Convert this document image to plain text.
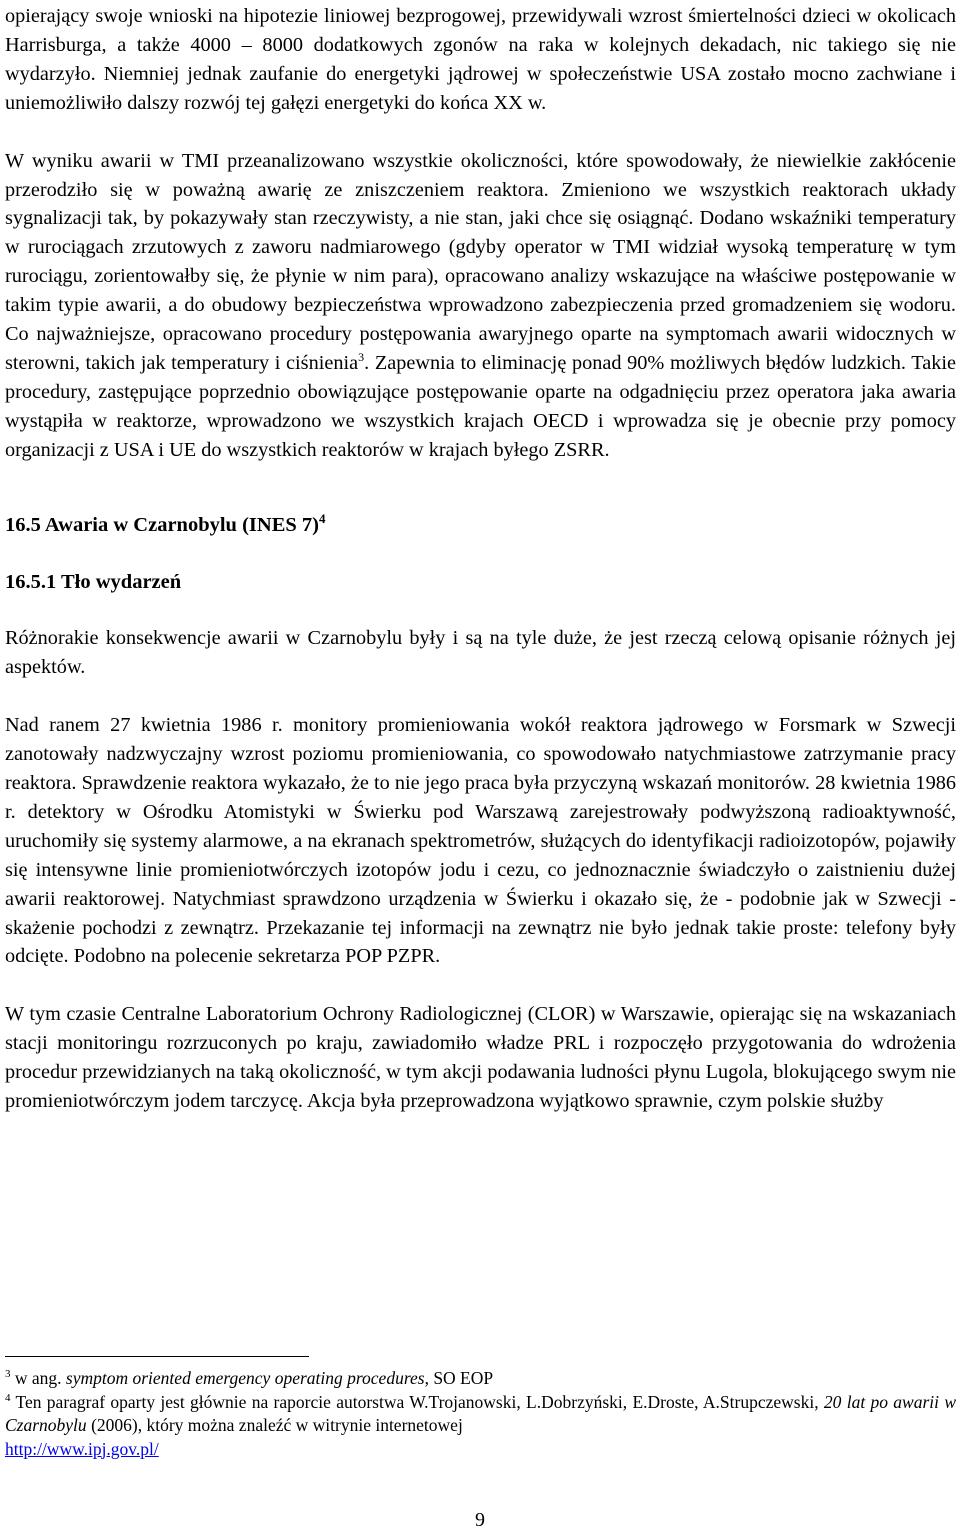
opierający swoje wnioski na hipotezie liniowej bezprogowej, przewidywali wzrost śmiertelności dzieci w okolicach Harrisburga, a także 4000 – 8000 dodatkowych zgonów na raka w kolejnych dekadach, nic takiego się nie wydarzyło. Niemniej jednak zaufanie do energetyki jądrowej w społeczeństwie USA zostało mocno zachwiane i uniemożliwiło dalszy rozwój tej gałęzi energetyki do końca XX w.

W wyniku awarii w TMI przeanalizowano wszystkie okoliczności, które spowodowały, że niewielkie zakłócenie przerodziło się w poważną awarię ze zniszczeniem reaktora. Zmieniono we wszystkich reaktorach układy sygnalizacji tak, by pokazywały stan rzeczywisty, a nie stan, jaki chce się osiągnąć. Dodano wskaźniki temperatury w rurociągach zrzutowych z zaworu nadmiarowego (gdyby operator w TMI widział wysoką temperaturę w tym rurociągu, zorientowałby się, że płynie w nim para), opracowano analizy wskazujące na właściwe postępowanie w takim typie awarii, a do obudowy bezpieczeństwa wprowadzono zabezpieczenia przed gromadzeniem się wodoru. Co najważniejsze, opracowano procedury postępowania awaryjnego oparte na symptomach awarii widocznych w sterowni, takich jak temperatury i ciśnienia$^3$. Zapewnia to eliminację ponad 90% możliwych błędów ludzkich. Takie procedury, zastępujące poprzednio obowiązujące postępowanie oparte na odgadnięciu przez operatora jaka awaria wystąpiła w reaktorze, wprowadzono we wszystkich krajach OECD i wprowadza się je obecnie przy pomocy organizacji z USA i UE do wszystkich reaktorów w krajach byłego ZSRR.

16.5 Awaria w Czarnobylu (INES 7)$^4$

16.5.1 Tło wydarzeń

Różnorakie konsekwencje awarii w Czarnobylu były i są na tyle duże, że jest rzeczą celową opisanie różnych jej aspektów.

Nad ranem 27 kwietnia 1986 r. monitory promieniowania wokół reaktora jądrowego w Forsmark w Szwecji zanotowały nadzwyczajny wzrost poziomu promieniowania, co spowodowało natychmiastowe zatrzymanie pracy reaktora. Sprawdzenie reaktora wykazało, że to nie jego praca była przyczyną wskazań monitorów. 28 kwietnia 1986 r. detektory w Ośrodku Atomistyki w Świerku pod Warszawą zarejestrowały podwyższoną radioaktywność, uruchomiły się systemy alarmowe, a na ekranach spektrometrów, służących do identyfikacji radioizotopów, pojawiły się intensywne linie promieniotwórczych izotopów jodu i cezu, co jednoznacznie świadczyło o zaistnieniu dużej awarii reaktorowej. Natychmiast sprawdzono urządzenia w Świerku i okazało się, że - podobnie jak w Szwecji - skażenie pochodzi z zewnątrz. Przekazanie tej informacji na zewnątrz nie było jednak takie proste: telefony były odcięte. Podobno na polecenie sekretarza POP PZPR.

W tym czasie Centralne Laboratorium Ochrony Radiologicznej (CLOR) w Warszawie, opierając się na wskazaniach stacji monitoringu rozrzuconych po kraju, zawiadomiło władze PRL i rozpoczęło przygotowania do wdrożenia procedur przewidzianych na taką okoliczność, w tym akcji podawania ludności płynu Lugola, blokującego swym nie promieniotwórczym jodem tarczycę. Akcja była przeprowadzona wyjątkowo sprawnie, czym polskie służby

$^3$ w ang. symptom oriented emergency operating procedures, SO EOP

$^4$ Ten paragraf oparty jest głównie na raporcie autorstwa W.Trojanowski, L.Dobrzyński, E.Droste, A.Strupczewski, 20 lat po awarii w Czarnobylu (2006), który można znaleźć w witrynie internetowej
http://www.ipj.gov.pl/

9
